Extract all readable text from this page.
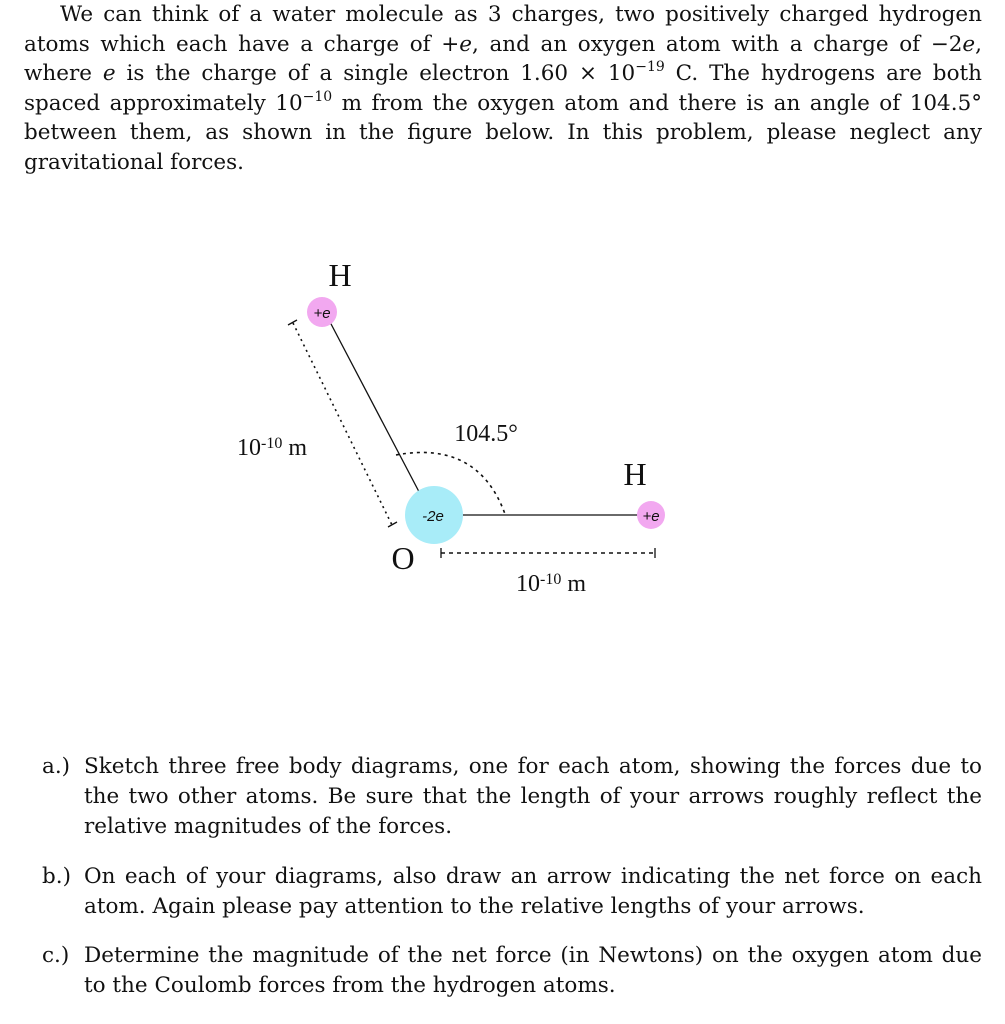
We can think of a water molecule as 3 charges, two positively charged hydrogen atoms which each have a charge of +e, and an oxygen atom with a charge of −2e, where e is the charge of a single electron $1.60 \times 10^{-19}$ C. The hydrogens are both spaced approximately $10^{-10}$ m from the oxygen atom and there is an angle of 104.5° between them, as shown in the figure below. In this problem, please neglect any gravitational forces.
+e
+e
-2e
H
H
O
104.5°
$10^{-10}$ m
$10^{-10}$ m
a.) Sketch three free body diagrams, one for each atom, showing the forces due to the two other atoms. Be sure that the length of your arrows roughly reflect the relative magnitudes of the forces.
b.) On each of your diagrams, also draw an arrow indicating the net force on each atom. Again please pay attention to the relative lengths of your arrows.
c.) Determine the magnitude of the net force (in Newtons) on the oxygen atom due to the Coulomb forces from the hydrogen atoms.
